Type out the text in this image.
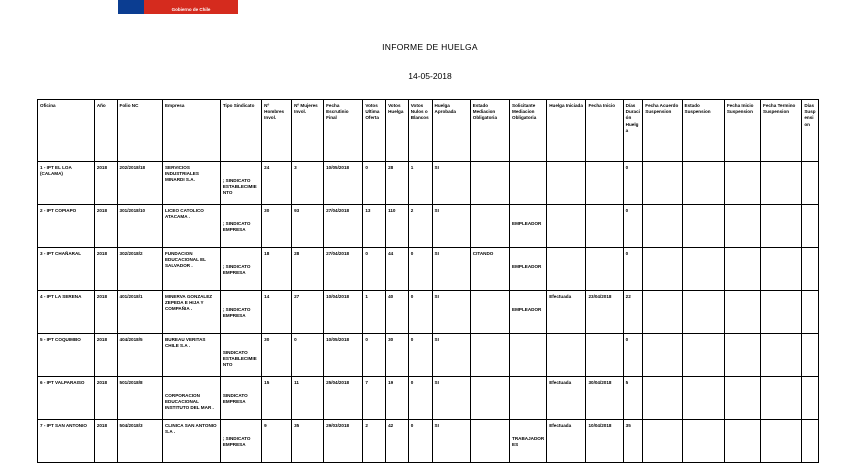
Gobierno de Chile
INFORME DE HUELGA
14-05-2018
Oficina	Año	Folio NC	Empresa	Tipo Sindicato	Nº Hombres Invol.	Nº Mujeres Invol.	Fecha Escrutinio Final	Votos Ultima Oferta	Votos Huelga	Votos Nulos o Blancos	Huelga Aprobada	Estado Mediacion Obligatoria	Solicitante Mediacion Obligatoria	Huelga Iniciada	Fecha Inicio	Días Duración Huelga	Fecha Acuerdo Suspension	Estado Suspension	Fecha Inicio Suspension	Fecha Termino Suspension	Días Suspension
1 - IPT EL LOA (CALAMA)	2018	202/2018/18	SERVICIOS INDUSTRIALES MINARDI S.A.	; SINDICATO ESTABLECIMIENTO	24	3	10/05/2018	0	28	1	SI					0					
2 - IPT COPIAPO	2018	301/2018/10	LICEO CATOLICO ATACAMA .	; SINDICATO EMPRESA	30	93	27/04/2018	13	110	2	SI		EMPLEADOR			0					
3 - IPT CHAÑARAL	2018	302/2018/2	FUNDACION EDUCACIONAL EL SALVADOR .	; SINDICATO EMPRESA	18	28	27/04/2018	0	44	0	SI	CITANDO	EMPLEADOR			0					
4 - IPT LA SERENA	2018	401/2018/1	MINERVA GONZALEZ ZEPEDA E HIJA Y COMPAÑIA .	; SINDICATO EMPRESA	14	27	10/04/2018	1	40	0	SI		EMPLEADOR	Efectuada	23/04/2018	22					
5 - IPT COQUIMBO	2018	404/2018/5	BUREAU VERITAS CHILE S.A .	SINDICATO ESTABLECIMIENTO	30	0	10/05/2018	0	30	0	SI					0					
6 - IPT VALPARAISO	2018	501/2018/8	CORPORACION EDUCACIONAL INSTITUTO DEL MAR .	SINDICATO EMPRESA	15	11	25/04/2018	7	19	0	SI			Efectuada	30/04/2018	5					
7 - IPT SAN ANTONIO	2018	504/2018/3	CLINICA SAN ANTONIO S.A .	; SINDICATO EMPRESA	9	35	29/03/2018	2	42	0	SI		TRABAJADORES	Efectuada	10/04/2018	35					
